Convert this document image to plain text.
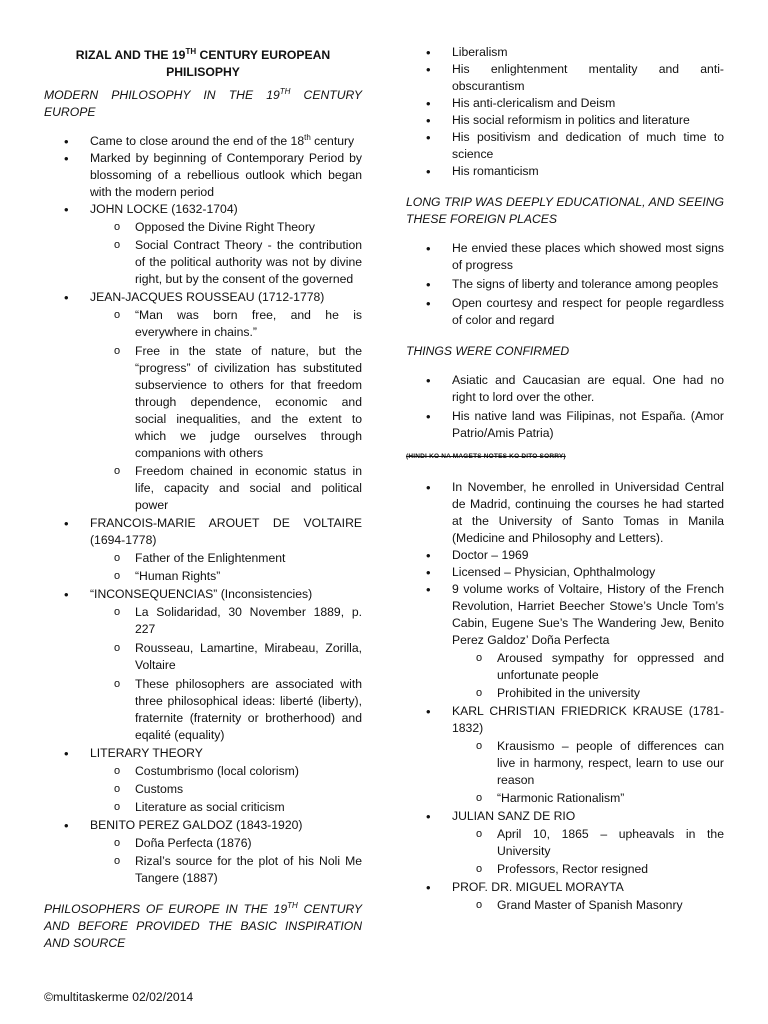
RIZAL AND THE 19TH CENTURY EUROPEAN PHILISOPHY
MODERN PHILOSOPHY IN THE 19TH CENTURY EUROPE
• Came to close around the end of the 18th century
• Marked by beginning of Contemporary Period by blossoming of a rebellious outlook which began with the modern period
• JOHN LOCKE (1632-1704)
o Opposed the Divine Right Theory
o Social Contract Theory - the contribution of the political authority was not by divine right, but by the consent of the governed
• JEAN-JACQUES ROUSSEAU (1712-1778)
o “Man was born free, and he is everywhere in chains.”
o Free in the state of nature, but the “progress” of civilization has substituted subservience to others for that freedom through dependence, economic and social inequalities, and the extent to which we judge ourselves through companions with others
o Freedom chained in economic status in life, capacity and social and political power
• FRANCOIS-MARIE AROUET DE VOLTAIRE (1694-1778)
o Father of the Enlightenment
o “Human Rights”
• “INCONSEQUENCIAS” (Inconsistencies)
o La Solidaridad, 30 November 1889, p. 227
o Rousseau, Lamartine, Mirabeau, Zorilla, Voltaire
o These philosophers are associated with three philosophical ideas: liberté (liberty), fraternite (fraternity or brotherhood) and eqalité (equality)
• LITERARY THEORY
o Costumbrismo (local colorism)
o Customs
o Literature as social criticism
• BENITO PEREZ GALDOZ (1843-1920)
o Doña Perfecta (1876)
o Rizal’s source for the plot of his Noli Me Tangere (1887)
PHILOSOPHERS OF EUROPE IN THE 19TH CENTURY AND BEFORE PROVIDED THE BASIC INSPIRATION AND SOURCE
• Liberalism
• His enlightenment mentality and anti-obscurantism
• His anti-clericalism and Deism
• His social reformism in politics and literature
• His positivism and dedication of much time to science
• His romanticism
LONG TRIP WAS DEEPLY EDUCATIONAL, AND SEEING THESE FOREIGN PLACES
• He envied these places which showed most signs of progress
• The signs of liberty and tolerance among peoples
• Open courtesy and respect for people regardless of color and regard
THINGS WERE CONFIRMED
• Asiatic and Caucasian are equal. One had no right to lord over the other.
• His native land was Filipinas, not España. (Amor Patrio/Amis Patria)
(HINDI KO NA MAGETS NOTES KO DITO SORRY)
• In November, he enrolled in Universidad Central de Madrid, continuing the courses he had started at the University of Santo Tomas in Manila (Medicine and Philosophy and Letters).
• Doctor – 1969
• Licensed – Physician, Ophthalmology
• 9 volume works of Voltaire, History of the French Revolution, Harriet Beecher Stowe’s Uncle Tom’s Cabin, Eugene Sue’s The Wandering Jew, Benito Perez Galdoz’ Doña Perfecta
o Aroused sympathy for oppressed and unfortunate people
o Prohibited in the university
• KARL CHRISTIAN FRIEDRICK KRAUSE (1781-1832)
o Krausismo – people of differences can live in harmony, respect, learn to use our reason
o “Harmonic Rationalism”
• JULIAN SANZ DE RIO
o April 10, 1865 – upheavals in the University
o Professors, Rector resigned
• PROF. DR. MIGUEL MORAYTA
o Grand Master of Spanish Masonry
©multitaskerme 02/02/2014
